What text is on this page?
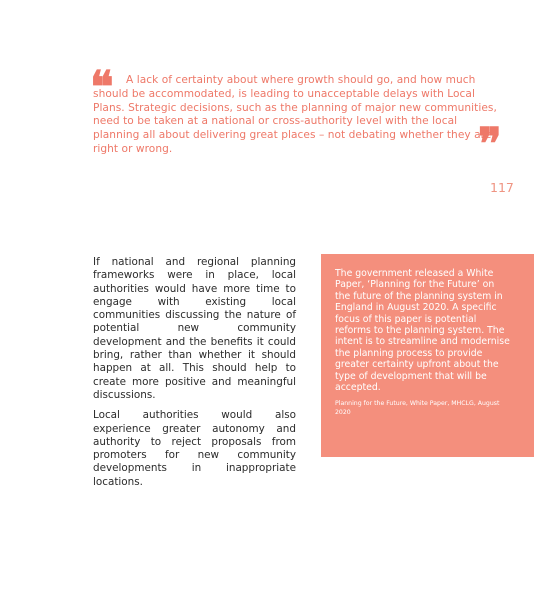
❝	A lack of certainty about where growth should go, and how much should be accommodated, is leading to unacceptable delays with Local Plans. Strategic decisions, such as the planning of major new communities, need to be taken at a national or cross-authority level with the local planning all about delivering great places – not debating whether they are right or wrong.	❞
117

If national and regional planning frameworks were in place, local authorities would have more time to engage with existing local communities discussing the nature of potential new community development and the benefits it could bring, rather than whether it should happen at all. This should help to create more positive and meaningful discussions.

Local authorities would also experience greater autonomy and authority to reject proposals from promoters for new community developments in inappropriate locations.

The government released a White Paper, ‘Planning for the Future’ on the future of the planning system in England in August 2020. A specific focus of this paper is potential reforms to the planning system. The intent is to streamline and modernise the planning process to provide greater certainty upfront about the type of development that will be accepted.

Planning for the Future, White Paper, MHCLG, August 2020
